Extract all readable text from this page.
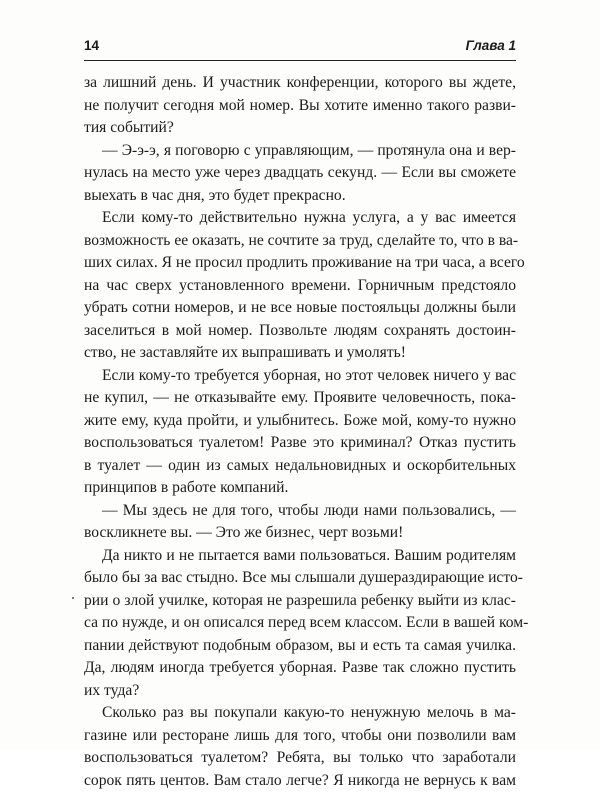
14	Глава 1
за лишний день. И участник конференции, которого вы ждете,
не получит сегодня мой номер. Вы хотите именно такого разви-
тия событий?
— Э-э-э, я поговорю с управляющим, — протянула она и вер-
нулась на место уже через двадцать секунд. — Если вы сможете
выехать в час дня, это будет прекрасно.
Если кому-то действительно нужна услуга, а у вас имеется
возможность ее оказать, не сочтите за труд, сделайте то, что в ва-
ших силах. Я не просил продлить проживание на три часа, а всего
на час сверх установленного времени. Горничным предстояло
убрать сотни номеров, и не все новые постояльцы должны были
заселиться в мой номер. Позвольте людям сохранять достоин-
ство, не заставляйте их выпрашивать и умолять!
Если кому-то требуется уборная, но этот человек ничего у вас
не купил, — не отказывайте ему. Проявите человечность, пока-
жите ему, куда пройти, и улыбнитесь. Боже мой, кому-то нужно
воспользоваться туалетом! Разве это криминал? Отказ пустить
в туалет — один из самых недальновидных и оскорбительных
принципов в работе компаний.
— Мы здесь не для того, чтобы люди нами пользовались, —
воскликнете вы. — Это же бизнес, черт возьми!
Да никто и не пытается вами пользоваться. Вашим родителям
было бы за вас стыдно. Все мы слышали душераздирающие исто-
рии о злой училке, которая не разрешила ребенку выйти из клас-
са по нужде, и он описался перед всем классом. Если в вашей ком-
пании действуют подобным образом, вы и есть та самая училка.
Да, людям иногда требуется уборная. Разве так сложно пустить
их туда?
Сколько раз вы покупали какую-то ненужную мелочь в ма-
газине или ресторане лишь для того, чтобы они позволили вам
воспользоваться туалетом? Ребята, вы только что заработали
сорок пять центов. Вам стало легче? Я никогда не вернусь к вам
